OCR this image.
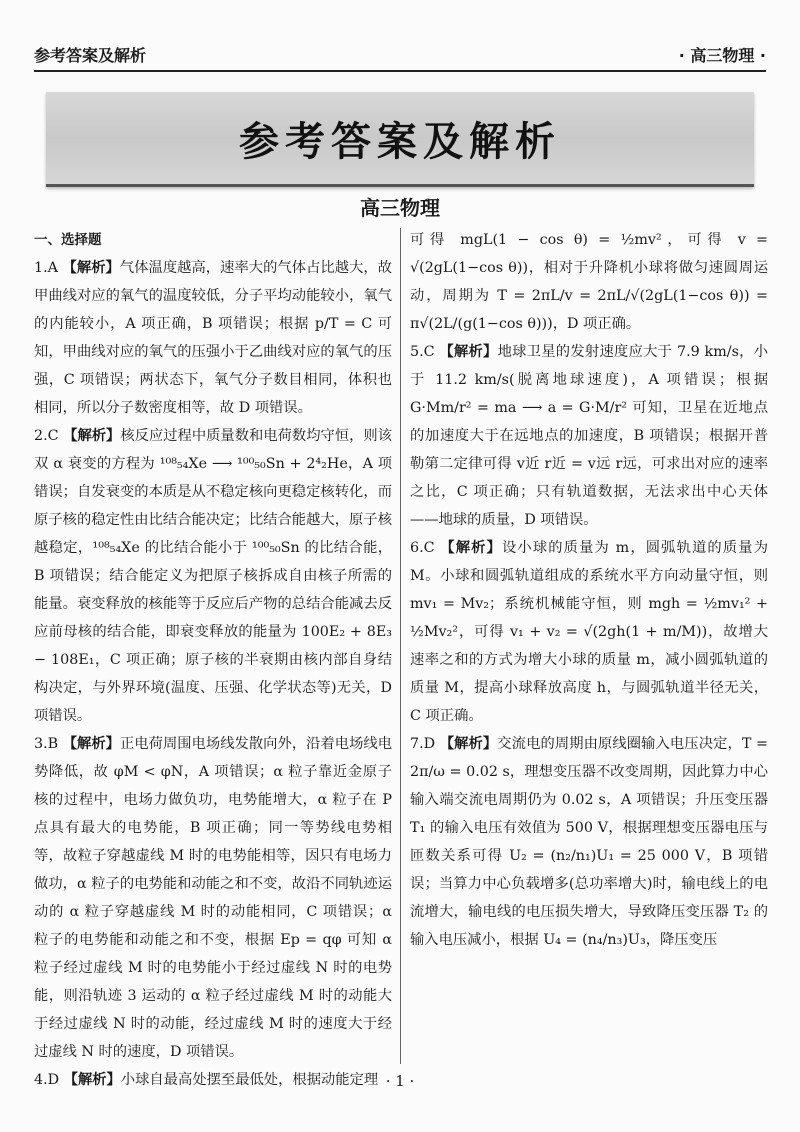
参考答案及解析	· 高三物理 ·
参考答案及解析
高三物理

一、选择题

1.A 【解析】气体温度越高，速率大的气体占比越大，故甲曲线对应的氧气的温度较低，分子平均动能较小，氧气的内能较小，A 项正确，B 项错误；根据 p/T = C 可知，甲曲线对应的氧气的压强小于乙曲线对应的氧气的压强，C 项错误；两状态下，氧气分子数目相同，体积也相同，所以分子数密度相等，故 D 项错误。

2.C 【解析】核反应过程中质量数和电荷数均守恒，则该双 α 衰变的方程为 ¹⁰⁸₅₄Xe ⟶ ¹⁰⁰₅₀Sn + 2⁴₂He，A 项错误；自发衰变的本质是从不稳定核向更稳定核转化，而原子核的稳定性由比结合能决定；比结合能越大，原子核越稳定，¹⁰⁸₅₄Xe 的比结合能小于 ¹⁰⁰₅₀Sn 的比结合能，B 项错误；结合能定义为把原子核拆成自由核子所需的能量。衰变释放的核能等于反应后产物的总结合能减去反应前母核的结合能，即衰变释放的能量为 100E₂ + 8E₃ − 108E₁，C 项正确；原子核的半衰期由核内部自身结构决定，与外界环境(温度、压强、化学状态等)无关，D 项错误。

3.B 【解析】正电荷周围电场线发散向外，沿着电场线电势降低，故 φM < φN，A 项错误；α 粒子靠近金原子核的过程中，电场力做负功，电势能增大，α 粒子在 P 点具有最大的电势能，B 项正确；同一等势线电势相等，故粒子穿越虚线 M 时的电势能相等，因只有电场力做功，α 粒子的电势能和动能之和不变，故沿不同轨迹运动的 α 粒子穿越虚线 M 时的动能相同，C 项错误；α 粒子的电势能和动能之和不变，根据 Ep = qφ 可知 α 粒子经过虚线 M 时的电势能小于经过虚线 N 时的电势能，则沿轨迹 3 运动的 α 粒子经过虚线 M 时的动能大于经过虚线 N 时的动能，经过虚线 M 时的速度大于经过虚线 N 时的速度，D 项错误。

4.D 【解析】小球自最高处摆至最低处，根据动能定理

可得 mgL(1 − cos θ) = ½mv²，可得 v = √(2gL(1−cos θ))，相对于升降机小球将做匀速圆周运动，周期为 T = 2πL/v = 2πL/√(2gL(1−cos θ)) = π√(2L/(g(1−cos θ)))，D 项正确。

5.C 【解析】地球卫星的发射速度应大于 7.9 km/s，小于 11.2 km/s(脱离地球速度)，A 项错误；根据 G·Mm/r² = ma ⟶ a = G·M/r² 可知，卫星在近地点的加速度大于在远地点的加速度，B 项错误；根据开普勒第二定律可得 v近 r近 = v远 r远，可求出对应的速率之比，C 项正确；只有轨道数据，无法求出中心天体——地球的质量，D 项错误。

6.C 【解析】设小球的质量为 m，圆弧轨道的质量为 M。小球和圆弧轨道组成的系统水平方向动量守恒，则 mv₁ = Mv₂；系统机械能守恒，则 mgh = ½mv₁² + ½Mv₂²，可得 v₁ + v₂ = √(2gh(1 + m/M))，故增大速率之和的方式为增大小球的质量 m，减小圆弧轨道的质量 M，提高小球释放高度 h，与圆弧轨道半径无关，C 项正确。

7.D 【解析】交流电的周期由原线圈输入电压决定，T = 2π/ω = 0.02 s，理想变压器不改变周期，因此算力中心输入端交流电周期仍为 0.02 s，A 项错误；升压变压器 T₁ 的输入电压有效值为 500 V，根据理想变压器电压与匝数关系可得 U₂ = (n₂/n₁)U₁ = 25 000 V，B 项错误；当算力中心负载增多(总功率增大)时，输电线上的电流增大，输电线的电压损失增大，导致降压变压器 T₂ 的输入电压减小，根据 U₄ = (n₄/n₃)U₃，降压变压

· 1 ·
